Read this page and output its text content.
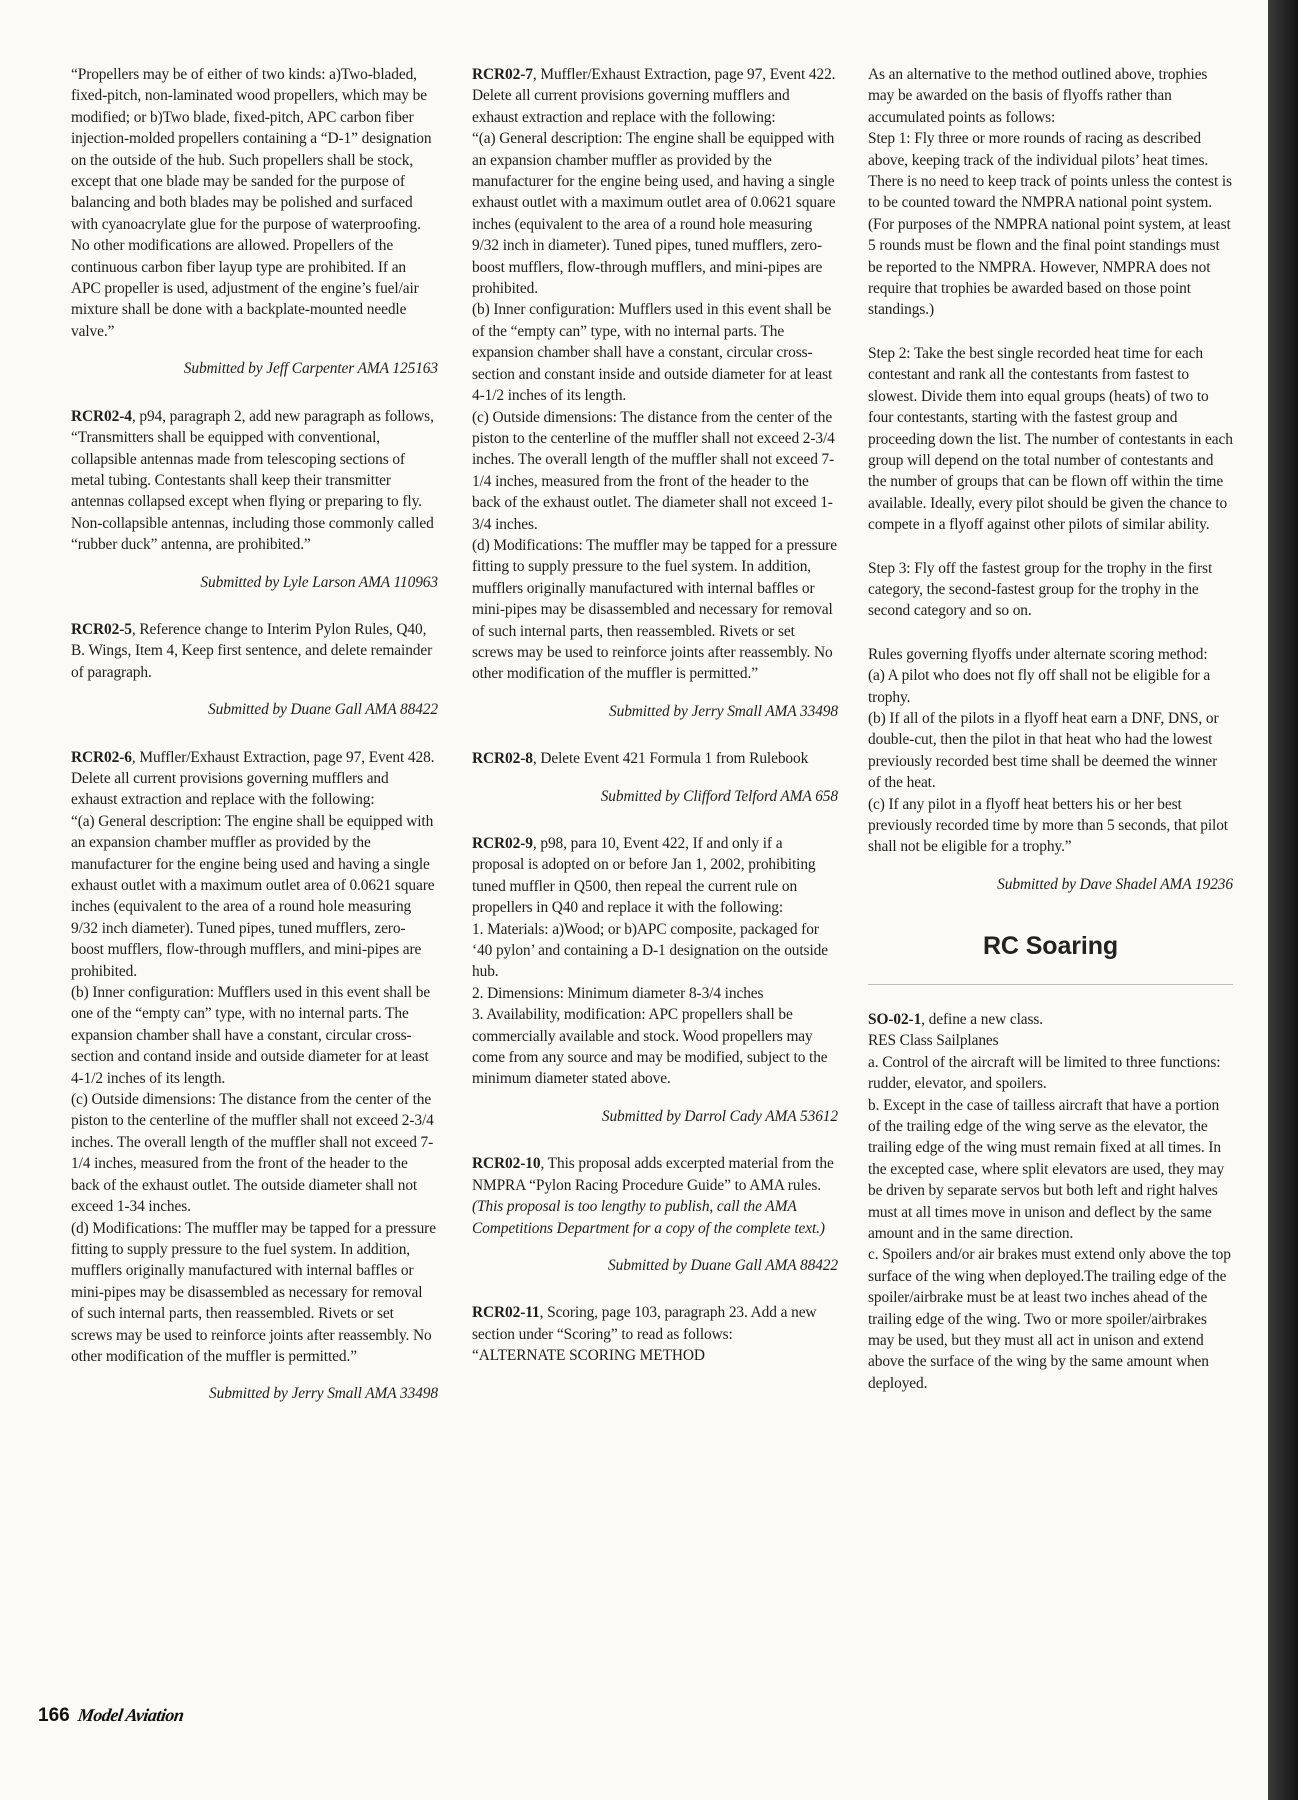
“Propellers may be of either of two kinds: a)Two-bladed, fixed-pitch, non-laminated wood propellers, which may be modified; or b)Two blade, fixed-pitch, APC carbon fiber injection-molded propellers containing a “D-1” designation on the outside of the hub. Such propellers shall be stock, except that one blade may be sanded for the purpose of balancing and both blades may be polished and surfaced with cyanoacrylate glue for the purpose of waterproofing. No other modifications are allowed. Propellers of the continuous carbon fiber layup type are prohibited. If an APC propeller is used, adjustment of the engine’s fuel/air mixture shall be done with a backplate-mounted needle valve.”

Submitted by Jeff Carpenter AMA 125163

RCR02-4, p94, paragraph 2, add new paragraph as follows, “Transmitters shall be equipped with conventional, collapsible antennas made from telescoping sections of metal tubing. Contestants shall keep their transmitter antennas collapsed except when flying or preparing to fly. Non-collapsible antennas, including those commonly called “rubber duck” antenna, are prohibited.”

Submitted by Lyle Larson AMA 110963

RCR02-5, Reference change to Interim Pylon Rules, Q40, B. Wings, Item 4, Keep first sentence, and delete remainder of paragraph.

Submitted by Duane Gall AMA 88422

RCR02-6, Muffler/Exhaust Extraction, page 97, Event 428. Delete all current provisions governing mufflers and exhaust extraction and replace with the following:

“(a) General description: The engine shall be equipped with an expansion chamber muffler as provided by the manufacturer for the engine being used and having a single exhaust outlet with a maximum outlet area of 0.0621 square inches (equivalent to the area of a round hole measuring 9/32 inch diameter). Tuned pipes, tuned mufflers, zero-boost mufflers, flow-through mufflers, and mini-pipes are prohibited.

(b) Inner configuration: Mufflers used in this event shall be one of the “empty can” type, with no internal parts. The expansion chamber shall have a constant, circular cross-section and contand inside and outside diameter for at least 4-1/2 inches of its length.

(c) Outside dimensions: The distance from the center of the piston to the centerline of the muffler shall not exceed 2-3/4 inches. The overall length of the muffler shall not exceed 7-1/4 inches, measured from the front of the header to the back of the exhaust outlet. The outside diameter shall not exceed 1-34 inches.

(d) Modifications: The muffler may be tapped for a pressure fitting to supply pressure to the fuel system. In addition, mufflers originally manufactured with internal baffles or mini-pipes may be disassembled as necessary for removal of such internal parts, then reassembled. Rivets or set screws may be used to reinforce joints after reassembly. No other modification of the muffler is permitted.”

Submitted by Jerry Small AMA 33498

RCR02-7, Muffler/Exhaust Extraction, page 97, Event 422. Delete all current provisions governing mufflers and exhaust extraction and replace with the following:

“(a) General description: The engine shall be equipped with an expansion chamber muffler as provided by the manufacturer for the engine being used, and having a single exhaust outlet with a maximum outlet area of 0.0621 square inches (equivalent to the area of a round hole measuring 9/32 inch in diameter). Tuned pipes, tuned mufflers, zero-boost mufflers, flow-through mufflers, and mini-pipes are prohibited.

(b) Inner configuration: Mufflers used in this event shall be of the “empty can” type, with no internal parts. The expansion chamber shall have a constant, circular cross-section and constant inside and outside diameter for at least 4-1/2 inches of its length.

(c) Outside dimensions: The distance from the center of the piston to the centerline of the muffler shall not exceed 2-3/4 inches. The overall length of the muffler shall not exceed 7-1/4 inches, measured from the front of the header to the back of the exhaust outlet. The diameter shall not exceed 1-3/4 inches.

(d) Modifications: The muffler may be tapped for a pressure fitting to supply pressure to the fuel system. In addition, mufflers originally manufactured with internal baffles or mini-pipes may be disassembled and necessary for removal of such internal parts, then reassembled. Rivets or set screws may be used to reinforce joints after reassembly. No other modification of the muffler is permitted.”

Submitted by Jerry Small AMA 33498

RCR02-8, Delete Event 421 Formula 1 from Rulebook

Submitted by Clifford Telford AMA 658

RCR02-9, p98, para 10, Event 422, If and only if a proposal is adopted on or before Jan 1, 2002, prohibiting tuned muffler in Q500, then repeal the current rule on propellers in Q40 and replace it with the following:

1. Materials: a)Wood; or b)APC composite, packaged for ‘40 pylon’ and containing a D-1 designation on the outside hub.

2. Dimensions: Minimum diameter 8-3/4 inches

3. Availability, modification: APC propellers shall be commercially available and stock. Wood propellers may come from any source and may be modified, subject to the minimum diameter stated above.

Submitted by Darrol Cady AMA 53612

RCR02-10, This proposal adds excerpted material from the NMPRA “Pylon Racing Procedure Guide” to AMA rules. (This proposal is too lengthy to publish, call the AMA Competitions Department for a copy of the complete text.)

Submitted by Duane Gall AMA 88422

RCR02-11, Scoring, page 103, paragraph 23. Add a new section under “Scoring” to read as follows:

“ALTERNATE SCORING METHOD

As an alternative to the method outlined above, trophies may be awarded on the basis of flyoffs rather than accumulated points as follows:

Step 1: Fly three or more rounds of racing as described above, keeping track of the individual pilots’ heat times. There is no need to keep track of points unless the contest is to be counted toward the NMPRA national point system. (For purposes of the NMPRA national point system, at least 5 rounds must be flown and the final point standings must be reported to the NMPRA. However, NMPRA does not require that trophies be awarded based on those point standings.)

Step 2: Take the best single recorded heat time for each contestant and rank all the contestants from fastest to slowest. Divide them into equal groups (heats) of two to four contestants, starting with the fastest group and proceeding down the list. The number of contestants in each group will depend on the total number of contestants and the number of groups that can be flown off within the time available. Ideally, every pilot should be given the chance to compete in a flyoff against other pilots of similar ability.

Step 3: Fly off the fastest group for the trophy in the first category, the second-fastest group for the trophy in the second category and so on.

Rules governing flyoffs under alternate scoring method:

(a) A pilot who does not fly off shall not be eligible for a trophy.

(b) If all of the pilots in a flyoff heat earn a DNF, DNS, or double-cut, then the pilot in that heat who had the lowest previously recorded best time shall be deemed the winner of the heat.

(c) If any pilot in a flyoff heat betters his or her best previously recorded time by more than 5 seconds, that pilot shall not be eligible for a trophy.”

Submitted by Dave Shadel AMA 19236
RC Soaring

SO-02-1, define a new class.

RES Class Sailplanes

a. Control of the aircraft will be limited to three functions: rudder, elevator, and spoilers.

b. Except in the case of tailless aircraft that have a portion of the trailing edge of the wing serve as the elevator, the trailing edge of the wing must remain fixed at all times. In the excepted case, where split elevators are used, they may be driven by separate servos but both left and right halves must at all times move in unison and deflect by the same amount and in the same direction.

c. Spoilers and/or air brakes must extend only above the top surface of the wing when deployed.The trailing edge of the spoiler/airbrake must be at least two inches ahead of the trailing edge of the wing. Two or more spoiler/airbrakes may be used, but they must all act in unison and extend above the surface of the wing by the same amount when deployed.

166 Model Aviation
